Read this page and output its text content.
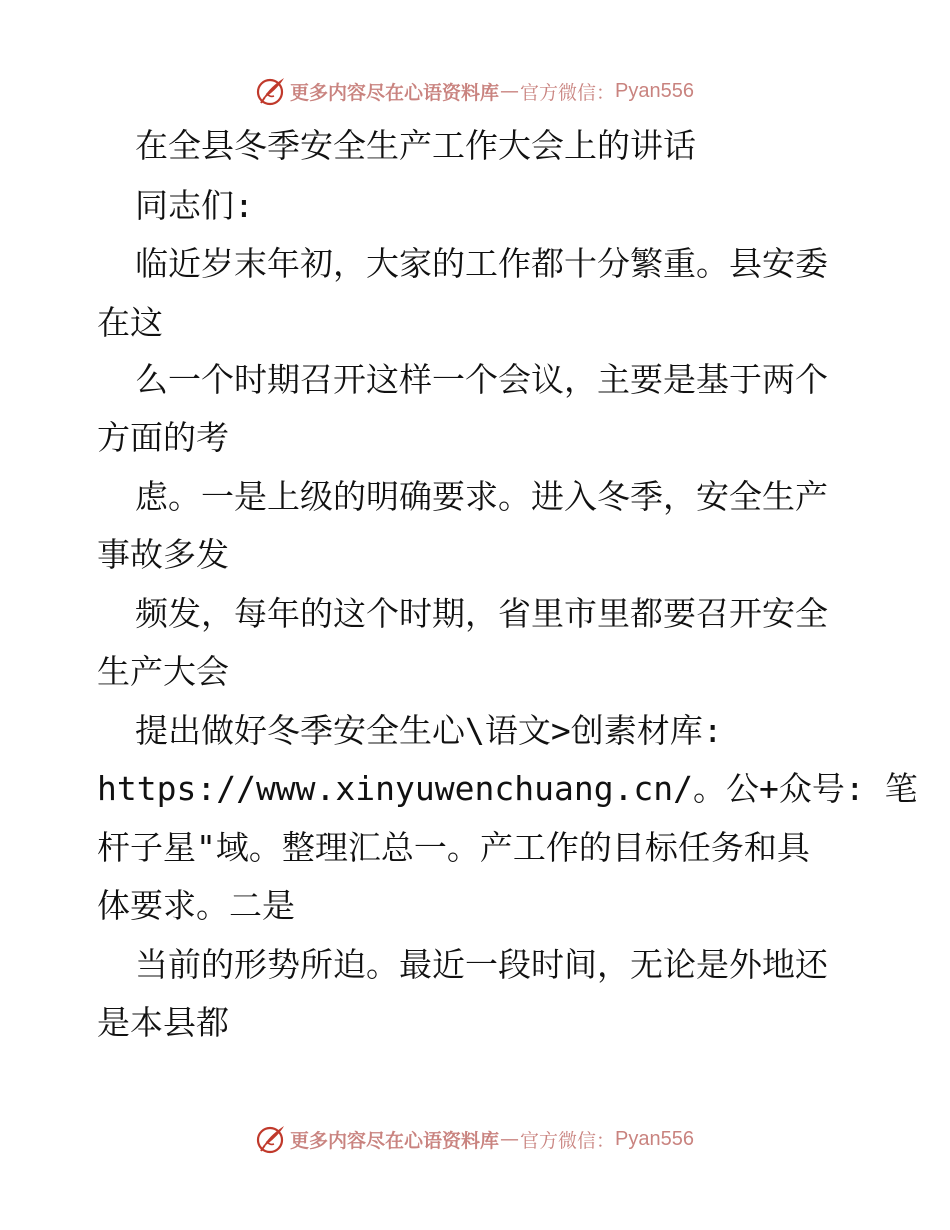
更多内容尽在心语资料库 — 官方微信： Pyan556
在全县冬季安全生产工作大会上的讲话
同志们:
临近岁末年初，大家的工作都十分繁重。县安委
在这
么一个时期召开这样一个会议，主要是基于两个
方面的考
虑。一是上级的明确要求。进入冬季，安全生产
事故多发
频发，每年的这个时期，省里市里都要召开安全
生产大会
提出做好冬季安全生心\语文>创素材库:
https://www.xinyuwenchuang.cn/。公+众号: 笔
杆子星"域。整理汇总一。产工作的目标任务和具
体要求。二是
当前的形势所迫。最近一段时间，无论是外地还
是本县都
更多内容尽在心语资料库 — 官方微信： Pyan556
